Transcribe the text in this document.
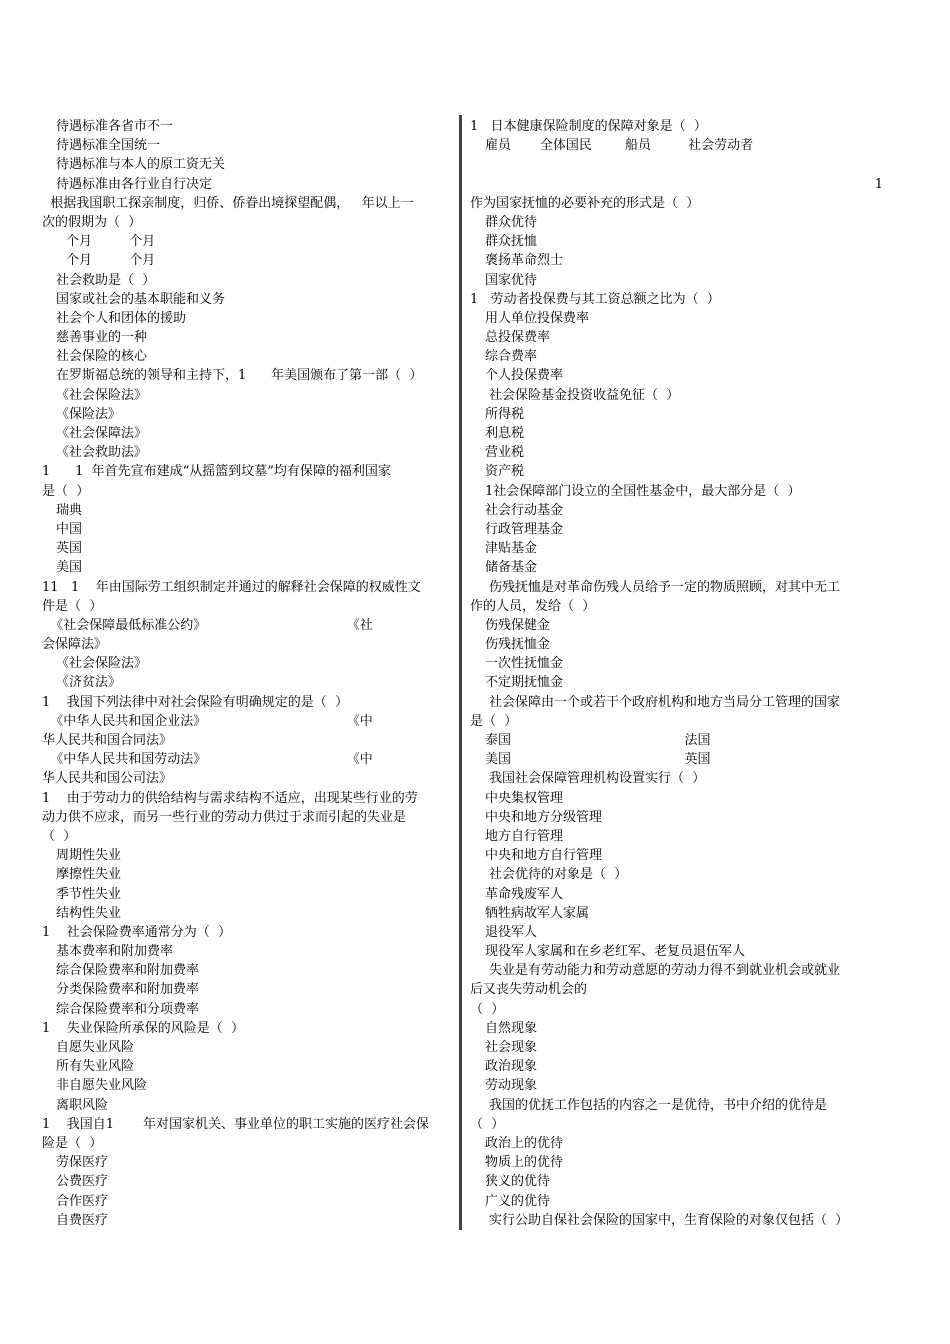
待遇标准各省市不一
待遇标准全国统一
待遇标准与本人的原工资无关
待遇标准由各行业自行决定
根据我国职工探亲制度，归侨、侨眷出境探望配偶，   年以上一
次的假期为（  ）
个月         个月
个月         个月
社会救助是（  ）
国家或社会的基本职能和义务
社会个人和团体的援助
慈善事业的一种
社会保险的核心
在罗斯福总统的领导和主持下，1      年美国颁布了第一部（  ）
《社会保险法》
《保险法》
《社会保障法》
《社会救助法》
1      1  年首先宣布建成“从摇篮到坟墓”均有保障的福利国家
是（  ）
瑞典
中国
英国
美国
11   1    年由国际劳工组织制定并通过的解释社会保障的权威性文
件是（  ）
《社会保障最低标准公约》                                  《社
会保障法》
《社会保险法》
《济贫法》
1    我国下列法律中对社会保险有明确规定的是（  ）
《中华人民共和国企业法》                                  《中
华人民共和国合同法》
《中华人民共和国劳动法》                                  《中
华人民共和国公司法》
1    由于劳动力的供给结构与需求结构不适应，出现某些行业的劳
动力供不应求，而另一些行业的劳动力供过于求而引起的失业是
（  ）
周期性失业
摩擦性失业
季节性失业
结构性失业
1    社会保险费率通常分为（  ）
基本费率和附加费率
综合保险费率和附加费率
分类保险费率和附加费率
综合保险费率和分项费率
1    失业保险所承保的风险是（  ）
自愿失业风险
所有失业风险
非自愿失业风险
离职风险
1    我国自1       年对国家机关、事业单位的职工实施的医疗社会保
险是（  ）
劳保医疗
公费医疗
合作医疗
自费医疗
1   日本健康保险制度的保障对象是（  ）
雇员       全体国民        船员         社会劳动者
1
作为国家抚恤的必要补充的形式是（  ）
群众优待
群众抚恤
褒扬革命烈士
国家优待
1   劳动者投保费与其工资总额之比为（  ）
用人单位投保费率
总投保费率
综合费率
个人投保费率
社会保险基金投资收益免征（  ）
所得税
利息税
营业税
资产税
1社会保障部门设立的全国性基金中，最大部分是（  ）
社会行动基金
行政管理基金
津贴基金
储备基金
伤残抚恤是对革命伤残人员给予一定的物质照顾，对其中无工
作的人员，发给（  ）
伤残保健金
伤残抚恤金
一次性抚恤金
不定期抚恤金
社会保障由一个或若干个政府机构和地方当局分工管理的国家
是（  ）
泰国                                          法国
美国                                          英国
我国社会保障管理机构设置实行（  ）
中央集权管理
中央和地方分级管理
地方自行管理
中央和地方自行管理
社会优待的对象是（  ）
革命残废军人
牺牲病故军人家属
退役军人
现役军人家属和在乡老红军、老复员退伍军人
失业是有劳动能力和劳动意愿的劳动力得不到就业机会或就业
后又丧失劳动机会的
（  ）
自然现象
社会现象
政治现象
劳动现象
我国的优抚工作包括的内容之一是优待，书中介绍的优待是
（  ）
政治上的优待
物质上的优待
狭义的优待
广义的优待
实行公助自保社会保险的国家中，生育保险的对象仅包括（  ）
